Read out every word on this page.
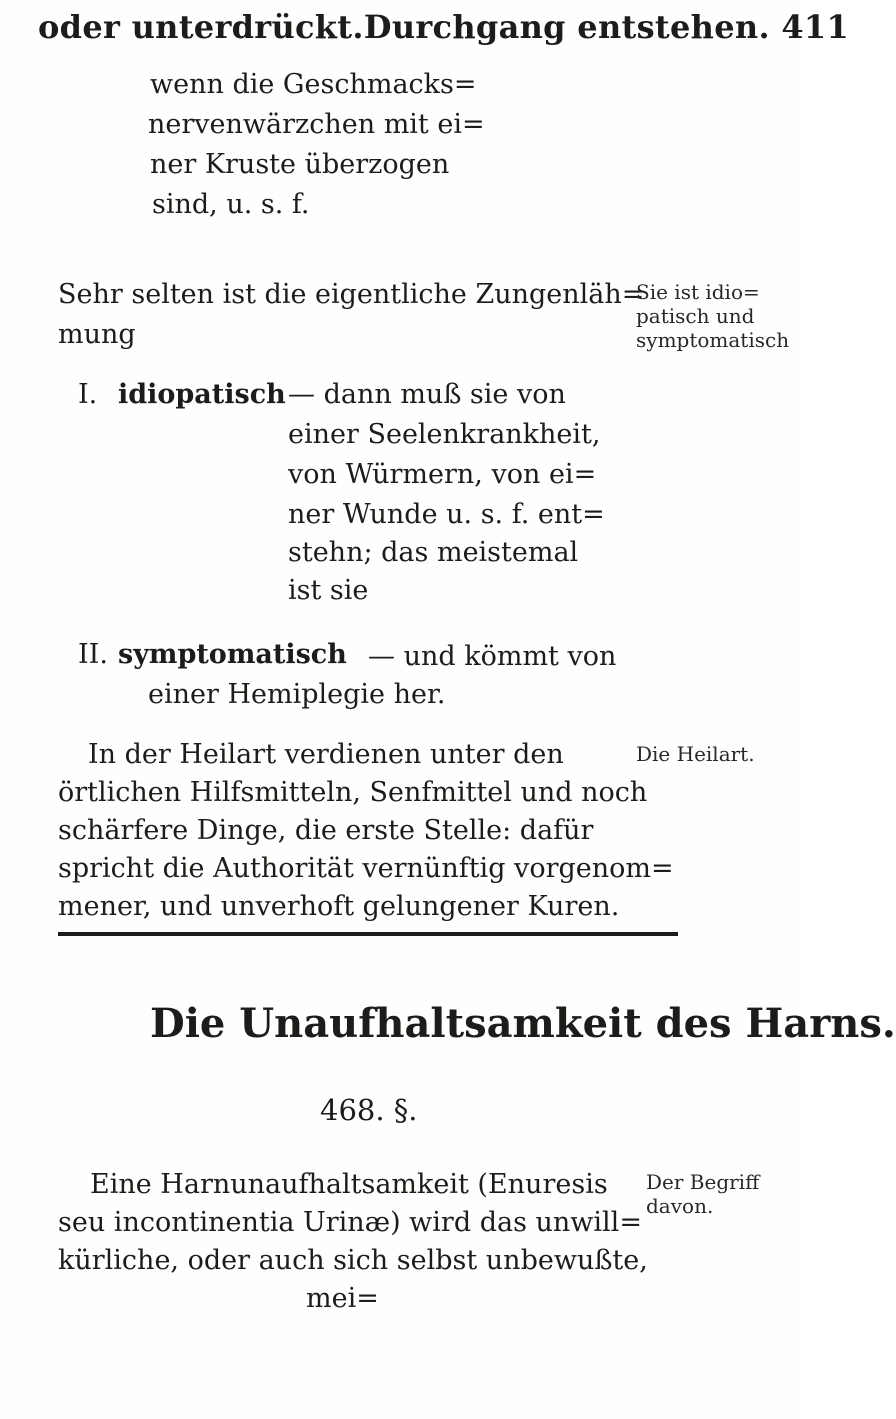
oder unterdrückt.Durchgang entstehen. 411
wenn die Geschmacks=
nervenwärzchen mit ei=
ner Kruste überzogen
sind, u. s. f.
Sehr selten ist die eigentliche Zungenläh=
mung
Sie ist idio=
patisch und
symptomatisch
I. idiopatisch — dann muß sie von
einer Seelenkrankheit,
von Würmern, von ei=
ner Wunde u. s. f. ent=
stehn; das meistemal
ist sie
II. symptomatisch — und kömmt von
einer Hemiplegie her.
In der Heilart verdienen unter den
örtlichen Hilfsmitteln, Senfmittel und noch
schärfere Dinge, die erste Stelle: dafür
spricht die Authorität vernünftig vorgenom=
mener, und unverhoft gelungener Kuren.
Die Heilart.
Die Unaufhaltsamkeit des Harns.
468. §.
Eine Harnunaufhaltsamkeit (Enuresis
seu incontinentia Urinæ) wird das unwill=
kürliche, oder auch sich selbst unbewußte,
mei=
Der Begriff
davon.
